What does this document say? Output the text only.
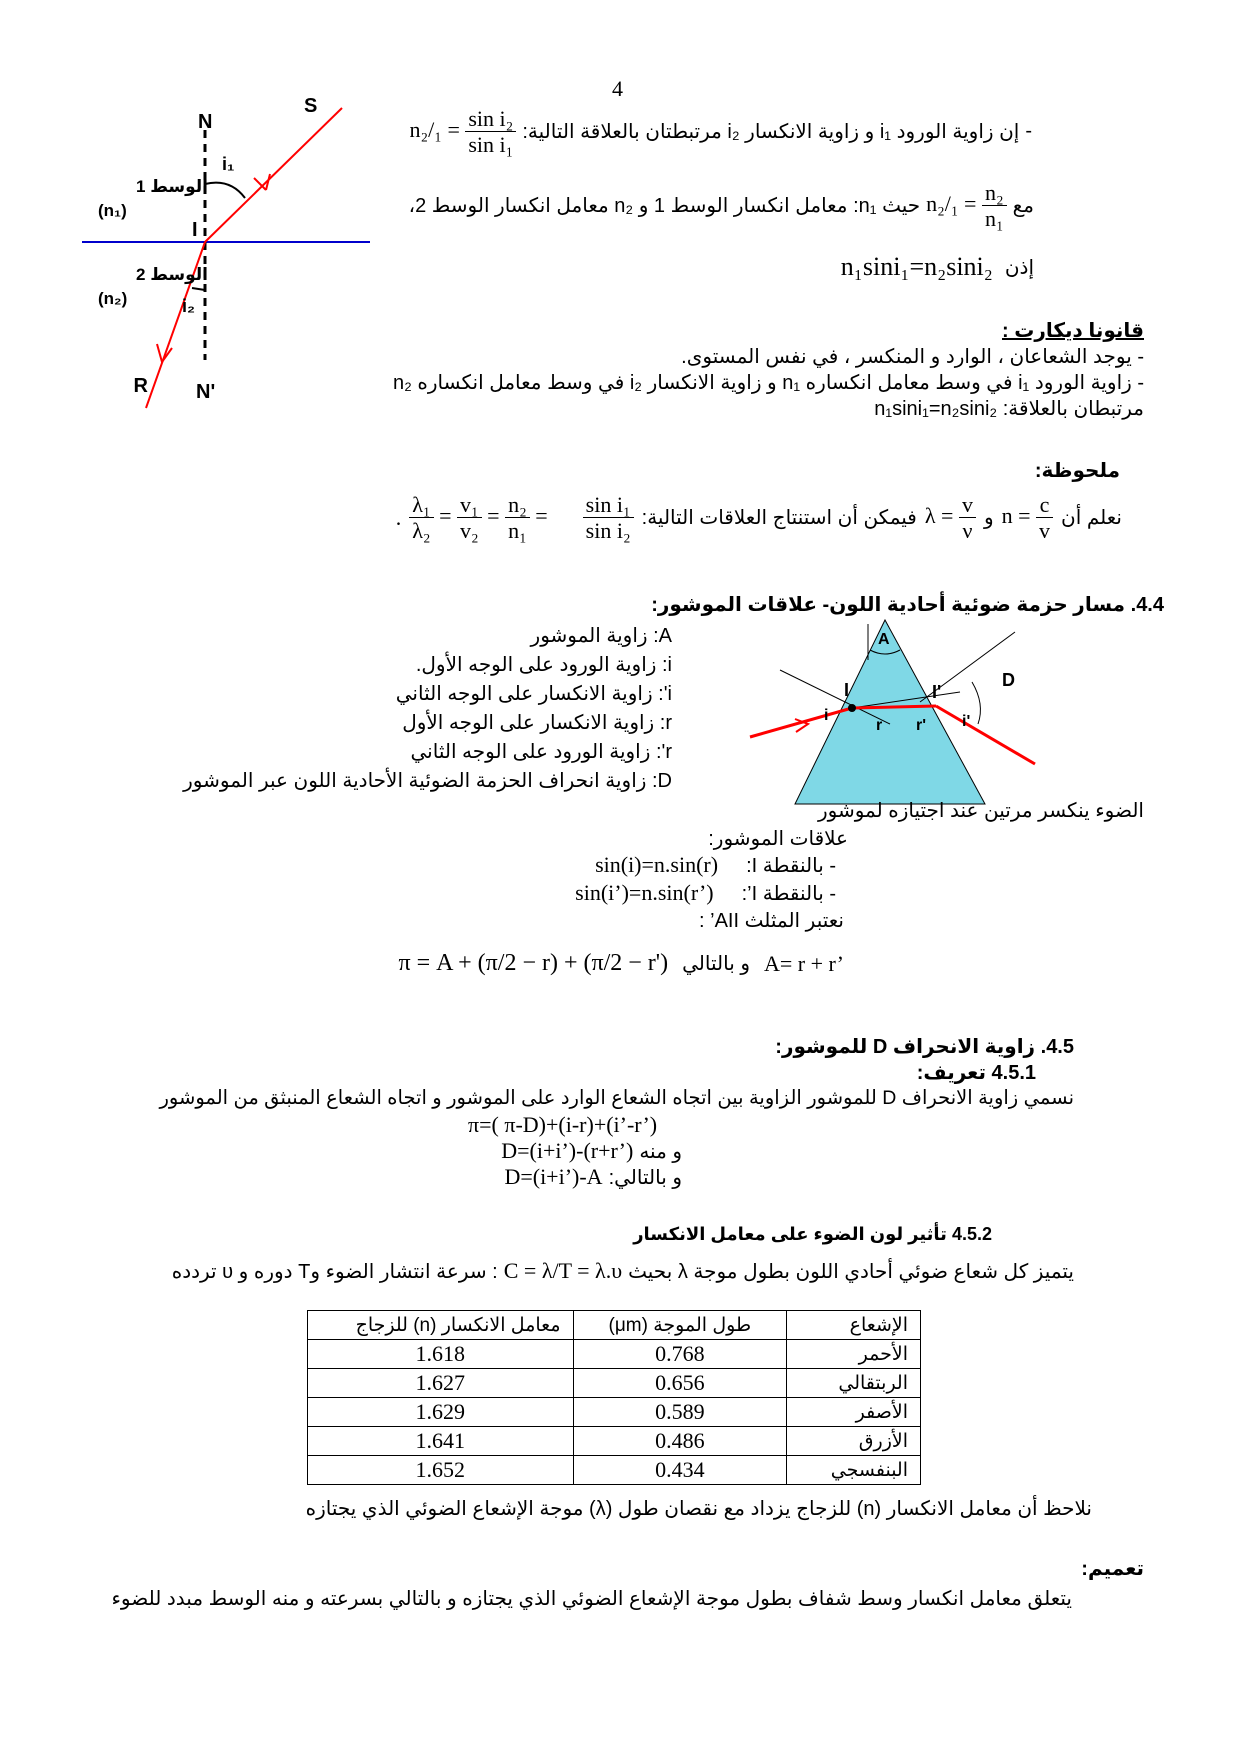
4
N
S
i₁
الوسط 1
(n₁)
I
الوسط 2
(n₂)	i₂
R N'
$n_2/_1 = \frac{\text{sin i₂}}{\text{sin i₁}}$ إن زاوية الورود i₁ و زاوية الانكسار i₂ مرتبطتان بالعلاقة التالية: -
حيث n₁: معامل انكسار الوسط 1 و n₂ معامل انكسار الوسط 2، $n_2/_1 = \frac{\text{n₂}}{\text{n₁}}$ مع
n₁sini₁=n₂sini₂ إذن
قانونا ديكارت :
- يوجد الشعاعان ، الوارد و المنكسر ، في نفس المستوى.
- زاوية الورود i₁ في وسط معامل انكساره n₁ و زاوية الانكسار i₂ في وسط معامل انكساره n₂
مرتبطان بالعلاقة: n₁sini₁=n₂sini₂
ملحوظة:
. $\frac{\text{λ₁}}{\text{λ₂}} = \frac{\text{v₁}}{\text{v₂}} = \frac{\text{n₂}}{\text{n₁}} = \frac{\text{sin i₁}}{\text{sin i₂}}$ فيمكن أن استنتاج العلاقات التالية: $\lambda = \frac{v}{\nu}$ و $n = \frac{c}{v}$ نعلم أن
4.4. مسار حزمة ضوئية أحادية اللون- علاقات الموشور:
A: زاوية الموشور
i: زاوية الورود على الوجه الأول.
i': زاوية الانكسار على الوجه الثاني
r: زاوية الانكسار على الوجه الأول
r': زاوية الورود على الوجه الثاني
D: زاوية انحراف الحزمة الضوئية الأحادية اللون عبر الموشور
A
I	I'
i	i'
r r'
D
الضوء ينكسر مرتين عند اجتيازه لموشور
علاقات الموشور:
sin(i)=n.sin(r) - بالنقطة I:
sin(i’)=n.sin(r’) - بالنقطة I’:
نعتبر المثلث AII’ :
π = A + (π/2 − r) + (π/2 − r') و بالتالي A= r + r’
4.5. زاوية الانحراف D للموشور:
4.5.1 تعريف:
نسمي زاوية الانحراف D للموشور الزاوية بين اتجاه الشعاع الوارد على الموشور و اتجاه الشعاع المنبثق من الموشور
π=( π-D)+(i-r)+(i’-r’)
D=(i+i’)-(r+r’) و منه
D=(i+i’)-A و بالتالي:
4.5.2 تأثير لون الضوء على معامل الانكسار
: سرعة انتشار الضوء وT دوره و υ تردده C = λ/T = λ.υ يتميز كل شعاع ضوئي أحادي اللون بطول موجة λ بحيث
معامل الانكسار (n) للزجاج	طول الموجة (μm)	الإشعاع
1.618	0.768	الأحمر
1.627	0.656	الربتقالي
1.629	0.589	الأصفر
1.641	0.486	الأزرق
1.652	0.434	البنفسجي
نلاحظ أن معامل الانكسار (n) للزجاج يزداد مع نقصان طول (λ) موجة الإشعاع الضوئي الذي يجتازه
تعميم:
يتعلق معامل انكسار وسط شفاف بطول موجة الإشعاع الضوئي الذي يجتازه و بالتالي بسرعته و منه الوسط مبدد للضوء
